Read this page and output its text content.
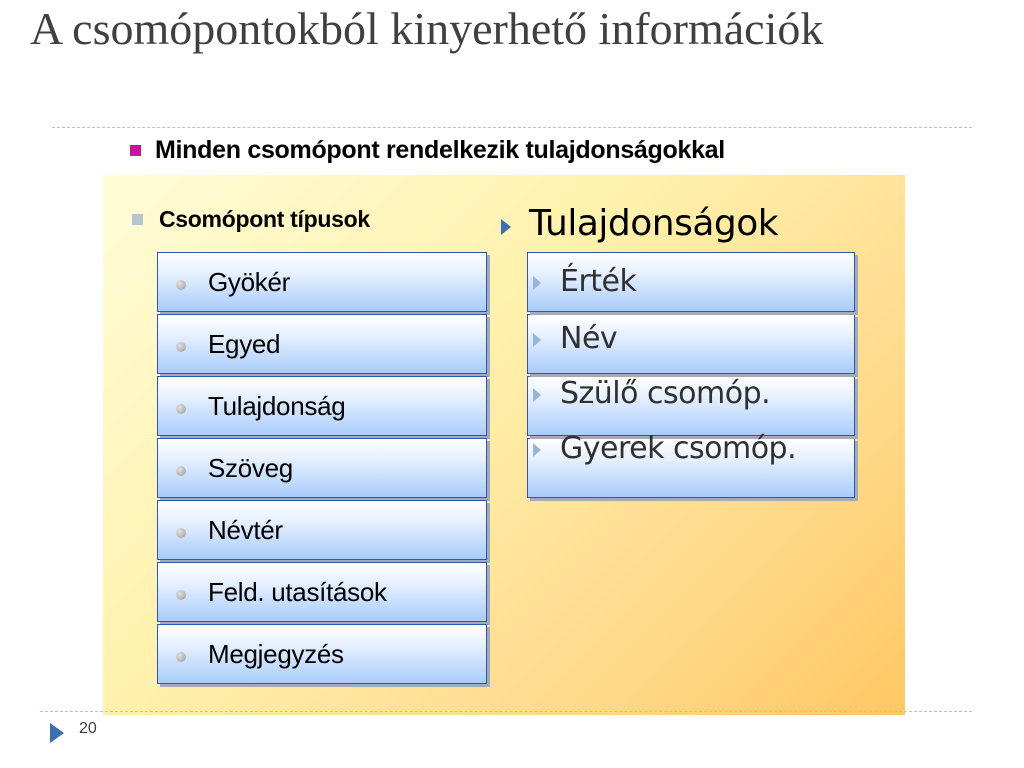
A csomópontokból kinyerhető információk
Minden csomópont rendelkezik tulajdonságokkal
Csomópont típusok
Gyökér
Egyed
Tulajdonság
Szöveg
Névtér
Feld. utasítások
Megjegyzés
Tulajdonságok
Érték
Név
Szülő csomóp.
Gyerek csomóp.
20
